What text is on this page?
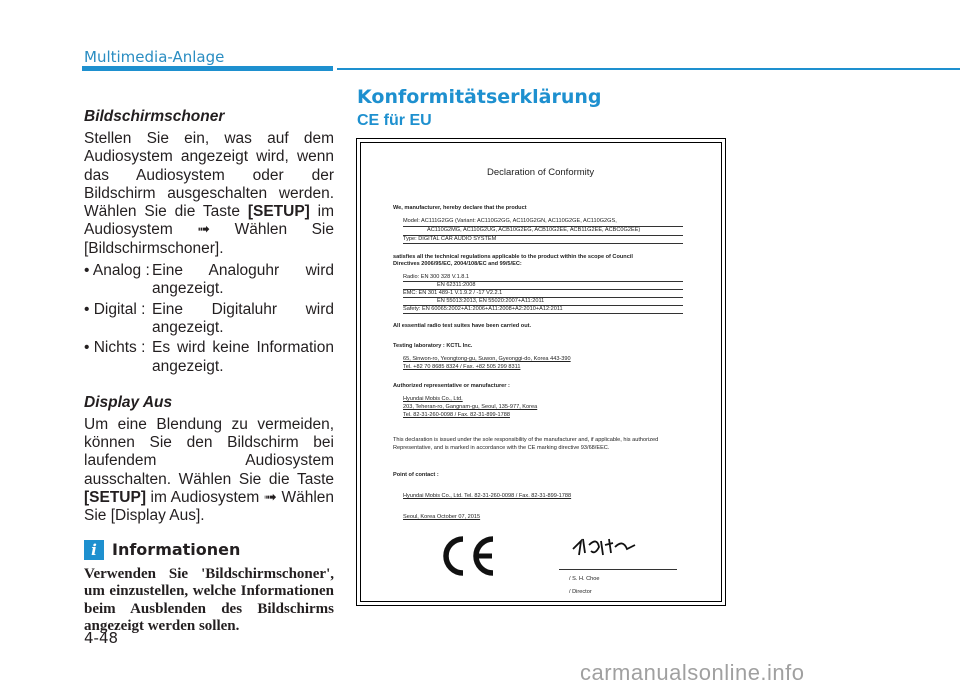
Multimedia-Anlage
Bildschirmschoner
Stellen Sie ein, was auf dem Audiosystem angezeigt wird, wenn das Audiosystem oder der Bildschirm ausgeschalten werden. Wählen Sie die Taste [SETUP] im Audiosystem ➟ Wählen Sie [Bildschirmschoner].
• Analog : Eine Analoguhr wird angezeigt.
• Digital : Eine Digitaluhr wird angezeigt.
• Nichts : Es wird keine Information angezeigt.
Display Aus
Um eine Blendung zu vermeiden, können Sie den Bildschirm bei laufendem Audiosystem ausschalten. Wählen Sie die Taste [SETUP] im Audiosystem ➟ Wählen Sie [Display Aus].
i Informationen
Verwenden Sie 'Bildschirmschoner', um einzustellen, welche Informationen beim Ausblenden des Bildschirms angezeigt werden sollen.
Konformitätserklärung
CE für EU
Declaration of Conformity
We, manufacturer, hereby declare that the product
Model: AC111G2GG (Variant: AC110G2GG, AC110G2GN, AC110G2GE, AC110G2GS,
AC110G2MG, AC110G2UG, ACB10G2EG, ACB10G2EE, ACB11G2EE, ACBC0G2EE)
Type: DIGITAL CAR AUDIO SYSTEM
satisfies all the technical regulations applicable to the product within the scope of Council
Directives 2006/95/EC, 2004/108/EC and 99/5/EC:
Radio: EN 300 328 V.1.8.1
EN 62311:2008
EMC: EN 301 489-1 V.1.9.2 / -17 V2.2.1
EN 55013:2013, EN 55020:2007+A11:2011
Safety: EN 60065:2002+A1:2006+A11:2008+A2:2010+A12:2011
All essential radio test suites have been carried out.
Testing laboratory : KCTL Inc.
65, Sinwon-ro, Yeongtong-gu, Suwon, Gyeonggi-do, Korea 443-390
Tel. +82 70 8685 8324 / Fax. +82 505 299 8311
Authorized representative or manufacturer :
Hyundai Mobis Co., Ltd.
203, Teheran-ro, Gangnam-gu, Seoul, 135-977, Korea
Tel. 82-31-260-0098 / Fax. 82-31-899-1788
This declaration is issued under the sole responsibility of the manufacturer and, if applicable, his authorized
Representative, and is marked in accordance with the CE marking directive 93/68/EEC.
Point of contact :
Hyundai Mobis Co., Ltd. Tel. 82-31-260-0098 / Fax. 82-31-899-1788
Seoul, Korea October 07, 2015
/ S. H. Choe
/ Director
4-48
carmanualsonline.info
